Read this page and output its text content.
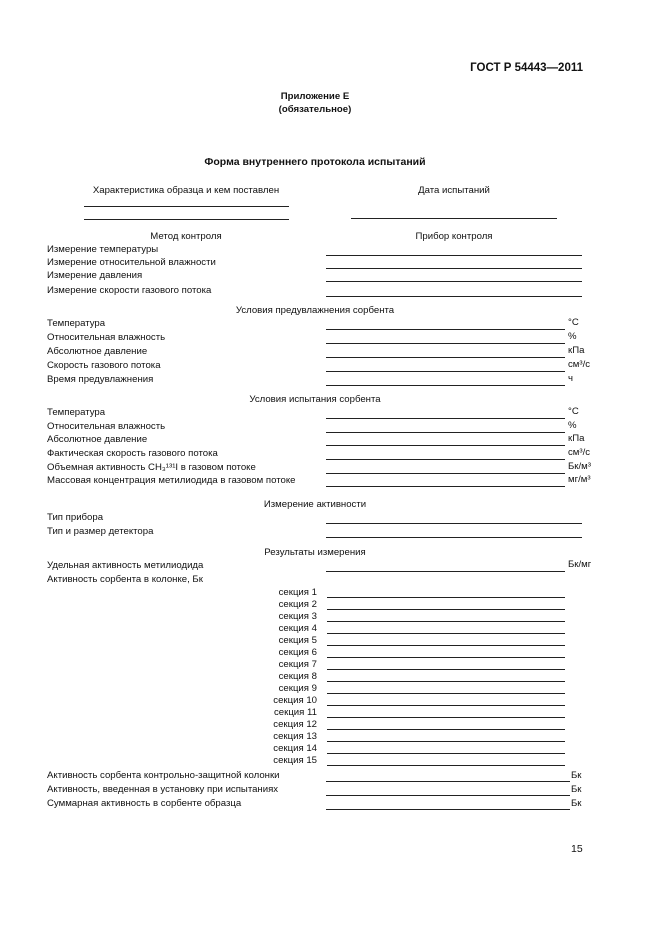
ГОСТ Р 54443—2011
Приложение Е
(обязательное)
Форма внутреннего протокола испытаний
Характеристика образца и кем поставлен	Дата испытаний
Метод контроля	Прибор контроля
Измерение температуры
Измерение относительной влажности
Измерение давления
Измерение скорости газового потока
Условия предувлажнения сорбента
Температура	°С
Относительная влажность	%
Абсолютное давление	кПа
Скорость газового потока	см³/с
Время предувлажнения	ч
Условия испытания сорбента
Температура	°С
Относительная влажность	%
Абсолютное давление	кПа
Фактическая скорость газового потока	см³/с
Объемная активность CH₃¹³¹I в газовом потоке	Бк/м³
Массовая концентрация метилиодида в газовом потоке	мг/м³
Измерение активности
Тип прибора
Тип и размер детектора
Результаты измерения
Удельная активность метилиодида	Бк/мг
Активность сорбента в колонке, Бк
секция 1
секция 2
секция 3
секция 4
секция 5
секция 6
секция 7
секция 8
секция 9
секция 10
секция 11
секция 12
секция 13
секция 14
секция 15
Активность сорбента контрольно-защитной колонки	Бк
Активность, введенная в установку при испытаниях	Бк
Суммарная активность в сорбенте образца	Бк
15
